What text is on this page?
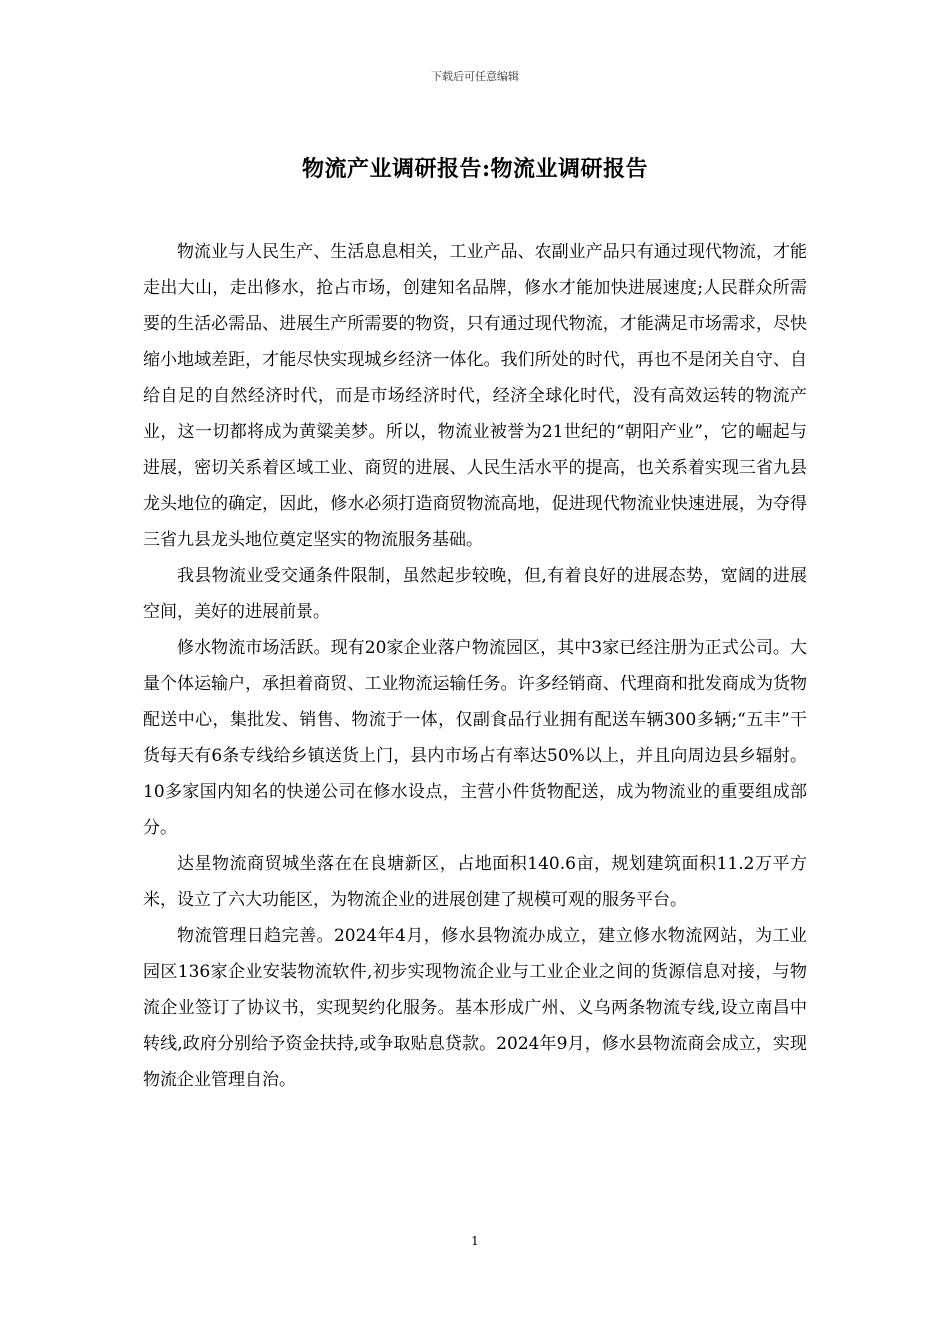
下载后可任意编辑
物流产业调研报告:物流业调研报告

物流业与人民生产、生活息息相关，工业产品、农副业产品只有通过现代物流，才能走出大山，走出修水，抢占市场，创建知名品牌，修水才能加快进展速度;人民群众所需要的生活必需品、进展生产所需要的物资，只有通过现代物流，才能满足市场需求，尽快缩小地域差距，才能尽快实现城乡经济一体化。我们所处的时代，再也不是闭关自守、自给自足的自然经济时代，而是市场经济时代，经济全球化时代，没有高效运转的物流产业，这一切都将成为黄粱美梦。所以，物流业被誉为21世纪的“朝阳产业”，它的崛起与进展，密切关系着区域工业、商贸的进展、人民生活水平的提高，也关系着实现三省九县龙头地位的确定，因此，修水必须打造商贸物流高地，促进现代物流业快速进展，为夺得三省九县龙头地位奠定坚实的物流服务基础。

我县物流业受交通条件限制，虽然起步较晚，但,有着良好的进展态势，宽阔的进展空间，美好的进展前景。

修水物流市场活跃。现有20家企业落户物流园区，其中3家已经注册为正式公司。大量个体运输户，承担着商贸、工业物流运输任务。许多经销商、代理商和批发商成为货物配送中心，集批发、销售、物流于一体，仅副食品行业拥有配送车辆300多辆;“五丰”干货每天有6条专线给乡镇送货上门，县内市场占有率达50%以上，并且向周边县乡辐射。10多家国内知名的快递公司在修水设点，主营小件货物配送，成为物流业的重要组成部分。

达星物流商贸城坐落在在良塘新区，占地面积140.6亩，规划建筑面积11.2万平方米，设立了六大功能区，为物流企业的进展创建了规模可观的服务平台。

物流管理日趋完善。2024年4月，修水县物流办成立，建立修水物流网站，为工业园区136家企业安装物流软件,初步实现物流企业与工业企业之间的货源信息对接，与物流企业签订了协议书，实现契约化服务。基本形成广州、义乌两条物流专线,设立南昌中转线,政府分别给予资金扶持,或争取贴息贷款。2024年9月，修水县物流商会成立，实现物流企业管理自治。

1
